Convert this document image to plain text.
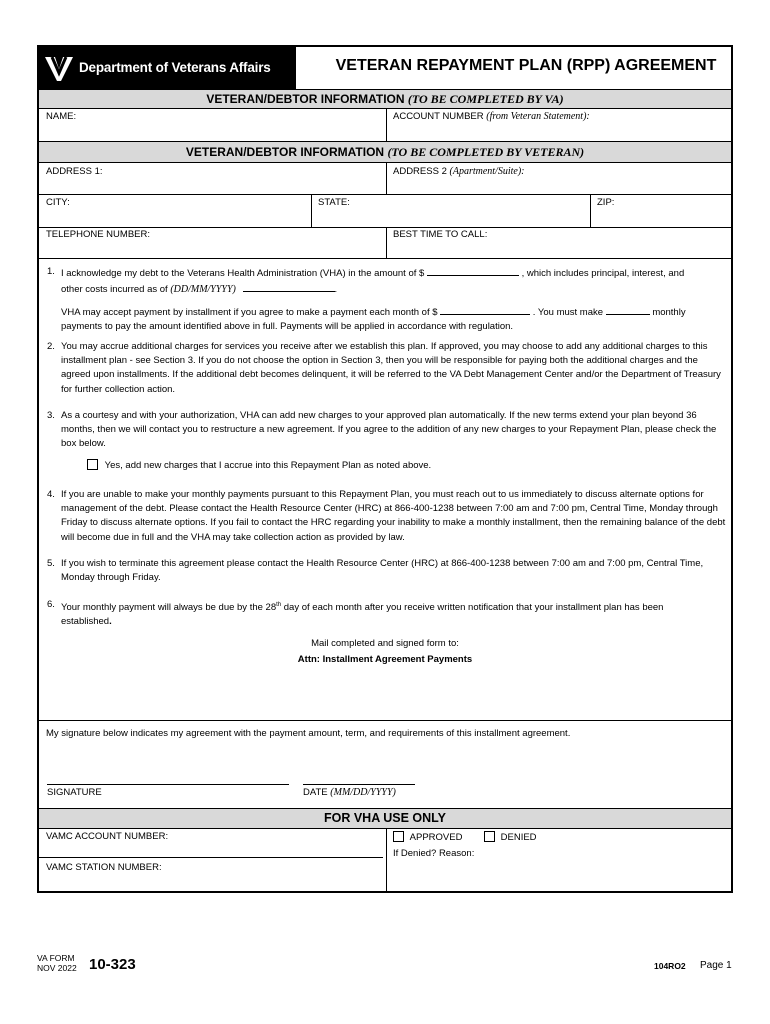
Department of Veterans Affairs	VETERAN REPAYMENT PLAN (RPP) AGREEMENT
VETERAN/DEBTOR INFORMATION (TO BE COMPLETED BY VA)
NAME:	ACCOUNT NUMBER (from Veteran Statement):
VETERAN/DEBTOR INFORMATION (TO BE COMPLETED BY VETERAN)
ADDRESS 1:	ADDRESS 2 (Apartment/Suite):
CITY:	STATE:	ZIP:
TELEPHONE NUMBER:	BEST TIME TO CALL:
1. I acknowledge my debt to the Veterans Health Administration (VHA) in the amount of $	, which includes principal, interest, and
other costs incurred as of (DD/MM/YYYY)	.
VHA may accept payment by installment if you agree to make a payment each month of $	. You must make	monthly
payments to pay the amount identified above in full. Payments will be applied in accordance with regulation.
2. You may accrue additional charges for services you receive after we establish this plan. If approved, you may choose to add any additional charges to this installment plan - see Section 3. If you do not choose the option in Section 3, then you will be responsible for paying both the additional charges and the agreed upon installments. If the additional debt becomes delinquent, it will be referred to the VA Debt Management Center and/or the Department of Treasury for further collection action.
3. As a courtesy and with your authorization, VHA can add new charges to your approved plan automatically. If the new terms extend your plan beyond 36 months, then we will contact you to restructure a new agreement. If you agree to the addition of any new charges to your Repayment Plan, please check the box below.
Yes, add new charges that I accrue into this Repayment Plan as noted above.
4. If you are unable to make your monthly payments pursuant to this Repayment Plan, you must reach out to us immediately to discuss alternate options for management of the debt. Please contact the Health Resource Center (HRC) at 866-400-1238 between 7:00 am and 7:00 pm, Central Time, Monday through Friday to discuss alternate options. If you fail to contact the HRC regarding your inability to make a monthly installment, then the remaining balance of the debt will become due in full and the VHA may take collection action as provided by law.
5. If you wish to terminate this agreement please contact the Health Resource Center (HRC) at 866-400-1238 between 7:00 am and 7:00 pm, Central Time, Monday through Friday.
6. Your monthly payment will always be due by the 28th day of each month after you receive written notification that your installment plan has been
established.
Mail completed and signed form to:
Attn: Installment Agreement Payments
My signature below indicates my agreement with the payment amount, term, and requirements of this installment agreement.
SIGNATURE	DATE (MM/DD/YYYY)
FOR VHA USE ONLY
VAMC ACCOUNT NUMBER:
VAMC STATION NUMBER:
APPROVED	DENIED
If Denied? Reason:
VA FORM
NOV 2022 10-323	104RO2 Page 1
